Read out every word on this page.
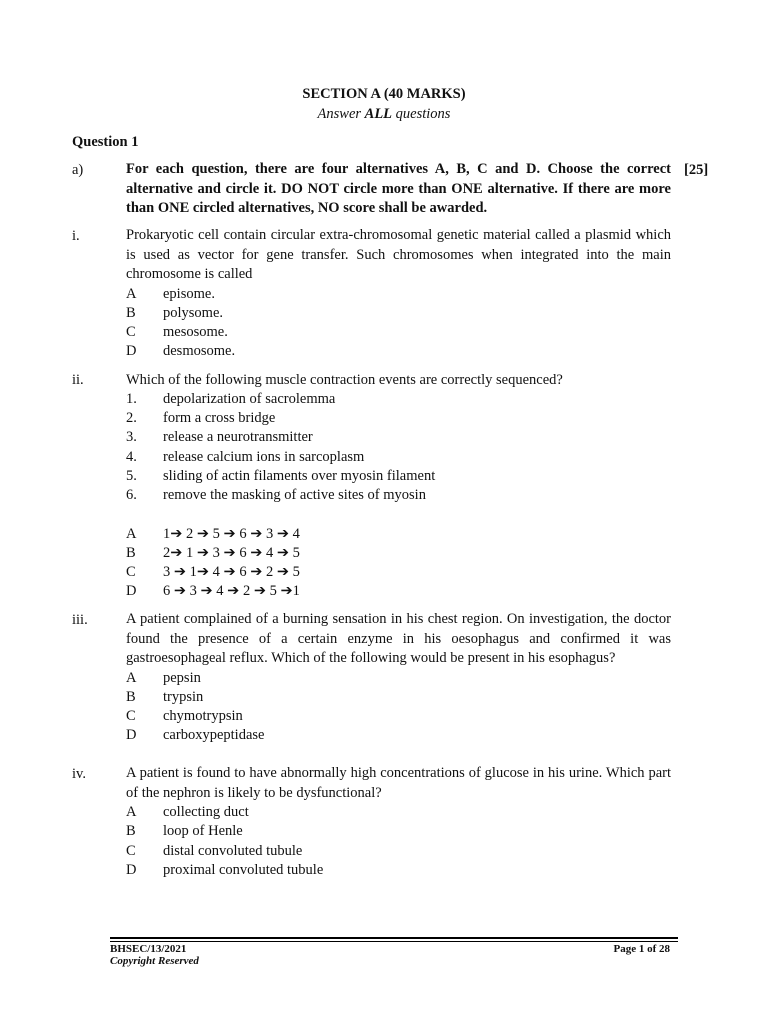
SECTION A (40 MARKS)
Answer ALL questions
Question 1
a)	For each question, there are four alternatives A, B, C and D. Choose the correct alternative and circle it. DO NOT circle more than ONE alternative. If there are more than ONE circled alternatives, NO score shall be awarded.
[25]
i.	Prokaryotic cell contain circular extra-chromosomal genetic material called a plasmid which is used as vector for gene transfer. Such chromosomes when integrated into the main chromosome is called
A episome.
B polysome.
C mesosome.
D desmosome.
ii.	Which of the following muscle contraction events are correctly sequenced?
1. depolarization of sacrolemma
2. form a cross bridge
3. release a neurotransmitter
4. release calcium ions in sarcoplasm
5. sliding of actin filaments over myosin filament
6. remove the masking of active sites of myosin
A 1➔ 2 ➔ 5 ➔ 6 ➔ 3 ➔ 4
B 2➔ 1 ➔ 3 ➔ 6 ➔ 4 ➔ 5
C 3 ➔ 1➔ 4 ➔ 6 ➔ 2 ➔ 5
D 6 ➔ 3 ➔ 4 ➔ 2 ➔ 5 ➔1
iii.	A patient complained of a burning sensation in his chest region. On investigation, the doctor found the presence of a certain enzyme in his oesophagus and confirmed it was gastroesophageal reflux. Which of the following would be present in his esophagus?
A pepsin
B trypsin
C chymotrypsin
D carboxypeptidase
iv.	A patient is found to have abnormally high concentrations of glucose in his urine. Which part of the nephron is likely to be dysfunctional?
A collecting duct
B loop of Henle
C distal convoluted tubule
D proximal convoluted tubule
BHSEC/13/2021	Page 1 of 28
Copyright Reserved
